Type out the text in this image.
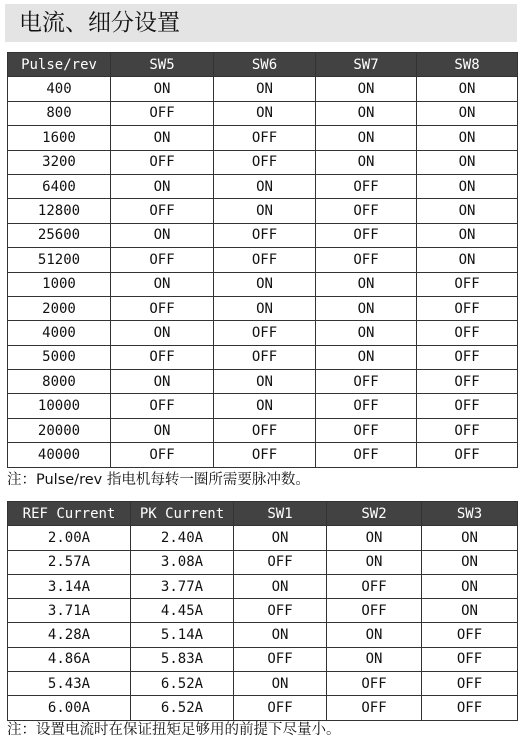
电流、细分设置
Pulse/rev	SW5	SW6	SW7	SW8
400	ON	ON	ON	ON
800	OFF	ON	ON	ON
1600	ON	OFF	ON	ON
3200	OFF	OFF	ON	ON
6400	ON	ON	OFF	ON
12800	OFF	ON	OFF	ON
25600	ON	OFF	OFF	ON
51200	OFF	OFF	OFF	ON
1000	ON	ON	ON	OFF
2000	OFF	ON	ON	OFF
4000	ON	OFF	ON	OFF
5000	OFF	OFF	ON	OFF
8000	ON	ON	OFF	OFF
10000	OFF	ON	OFF	OFF
20000	ON	OFF	OFF	OFF
40000	OFF	OFF	OFF	OFF
注：Pulse/rev 指电机每转一圈所需要脉冲数。
REF Current	PK Current	SW1	SW2	SW3
2.00A	2.40A	ON	ON	ON
2.57A	3.08A	OFF	ON	ON
3.14A	3.77A	ON	OFF	ON
3.71A	4.45A	OFF	OFF	ON
4.28A	5.14A	ON	ON	OFF
4.86A	5.83A	OFF	ON	OFF
5.43A	6.52A	ON	OFF	OFF
6.00A	6.52A	OFF	OFF	OFF
注：设置电流时在保证扭矩足够用的前提下尽量小。
